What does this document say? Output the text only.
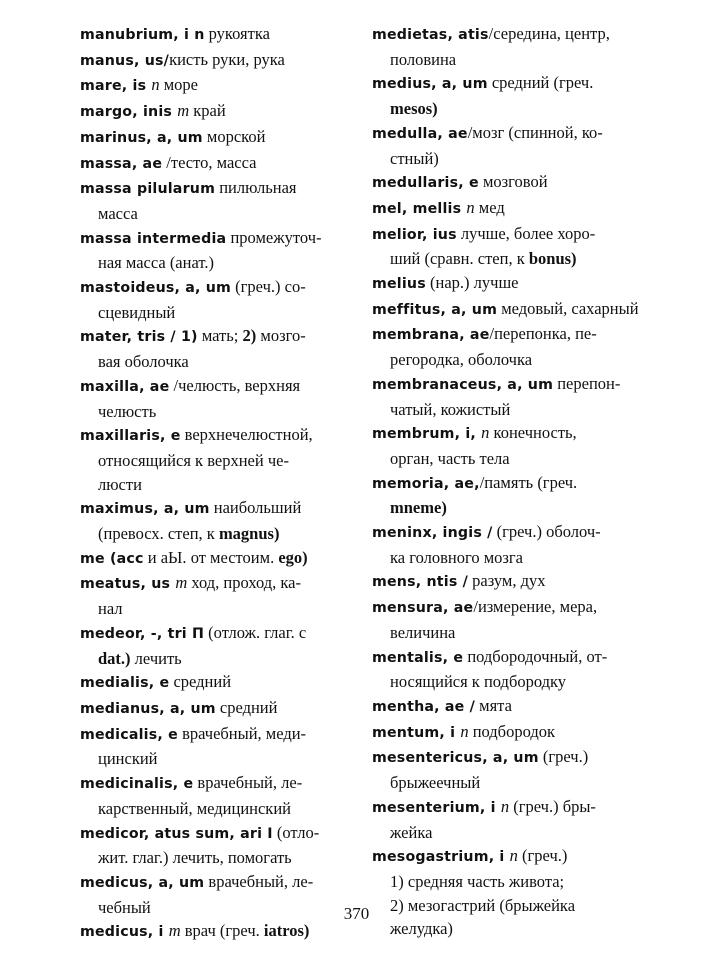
manubrium, i n рукоятка
manus, us/кисть руки, рука
mare, is n море
margo, inis m край
marinus, a, um морской
massa, ae /тесто, масса
massa pilularum пилюльная
масса
massa intermedia промежуточ-
ная масса (анат.)
mastoideus, a, um (греч.) со-
сцевидный
mater, tris / 1) мать; 2) мозго-
вая оболочка
maxilla, ae /челюсть, верхняя
челюсть
maxillaris, e верхнечелюстной,
относящийся к верхней че-
люсти
maximus, a, um наибольший
(превосх. степ, к magnus)
me (acc и aЫ. от местоим. ego)
meatus, us m ход, проход, ка-
нал
medeor, -, tri П (отлож. глаг. с
dat.) лечить
medialis, e средний
medianus, a, um средний
medicalis, e врачебный, меди-
цинский
medicinalis, e врачебный, ле-
карственный, медицинский
medicor, atus sum, ari I (отло-
жит. глаг.) лечить, помогать
medicus, a, um врачебный, ле-
чебный
medicus, i m врач (греч. iatros)
medietas, atis/середина, центр,
половина
medius, a, um средний (греч.
mesos)
medulla, ae/мозг (спинной, ко-
стный)
medullaris, e мозговой
mel, mellis n мед
melior, ius лучше, более хоро-
ший (сравн. степ, к bonus)
melius (нар.) лучше
meffitus, a, um медовый, сахарный
membrana, ae/перепонка, пе-
регородка, оболочка
membranaceus, a, um перепон-
чатый, кожистый
membrum, i, n конечность,
орган, часть тела
memoria, ae,/память (греч.
mneme)
meninx, ingis / (греч.) оболоч-
ка головного мозга
mens, ntis / разум, дух
mensura, ae/измерение, мера,
величина
mentalis, e подбородочный, от-
носящийся к подбородку
mentha, ae / мята
mentum, i n подбородок
mesentericus, a, um (греч.)
брыжеечный
mesenterium, i n (греч.) бры-
жейка
mesogastrium, i n (греч.)
1) средняя часть живота;
2) мезогастрий (брыжейка
желудка)
370
